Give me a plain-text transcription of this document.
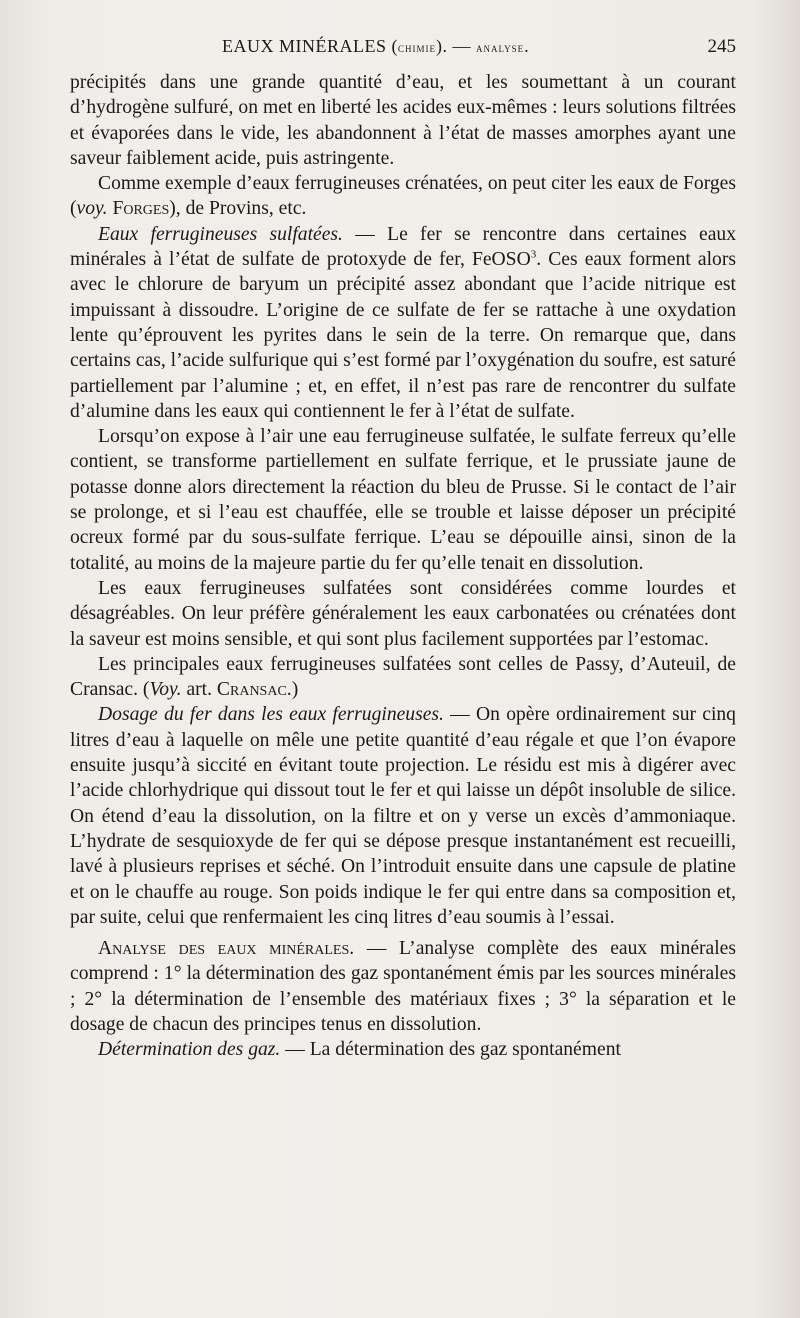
EAUX MINÉRALES (chimie). — analyse.	245

précipités dans une grande quantité d’eau, et les soumettant à un courant d’hydrogène sulfuré, on met en liberté les acides eux-mêmes : leurs solutions filtrées et évaporées dans le vide, les abandonnent à l’état de masses amorphes ayant une saveur faiblement acide, puis astringente.

Comme exemple d’eaux ferrugineuses crénatées, on peut citer les eaux de Forges (voy. Forges), de Provins, etc.

Eaux ferrugineuses sulfatées. — Le fer se rencontre dans certaines eaux minérales à l’état de sulfate de protoxyde de fer, FeOSO$^3$. Ces eaux forment alors avec le chlorure de baryum un précipité assez abondant que l’acide nitrique est impuissant à dissoudre. L’origine de ce sulfate de fer se rattache à une oxydation lente qu’éprouvent les pyrites dans le sein de la terre. On remarque que, dans certains cas, l’acide sulfurique qui s’est formé par l’oxygénation du soufre, est saturé partiellement par l’alumine ; et, en effet, il n’est pas rare de rencontrer du sulfate d’alumine dans les eaux qui contiennent le fer à l’état de sulfate.

Lorsqu’on expose à l’air une eau ferrugineuse sulfatée, le sulfate ferreux qu’elle contient, se transforme partiellement en sulfate ferrique, et le prussiate jaune de potasse donne alors directement la réaction du bleu de Prusse. Si le contact de l’air se prolonge, et si l’eau est chauffée, elle se trouble et laisse déposer un précipité ocreux formé par du sous-sulfate ferrique. L’eau se dépouille ainsi, sinon de la totalité, au moins de la majeure partie du fer qu’elle tenait en dissolution.

Les eaux ferrugineuses sulfatées sont considérées comme lourdes et désagréables. On leur préfère généralement les eaux carbonatées ou crénatées dont la saveur est moins sensible, et qui sont plus facilement supportées par l’estomac.

Les principales eaux ferrugineuses sulfatées sont celles de Passy, d’Auteuil, de Cransac. (Voy. art. Cransac.)

Dosage du fer dans les eaux ferrugineuses. — On opère ordinairement sur cinq litres d’eau à laquelle on mêle une petite quantité d’eau régale et que l’on évapore ensuite jusqu’à siccité en évitant toute projection. Le résidu est mis à digérer avec l’acide chlorhydrique qui dissout tout le fer et qui laisse un dépôt insoluble de silice. On étend d’eau la dissolution, on la filtre et on y verse un excès d’ammoniaque. L’hydrate de sesquioxyde de fer qui se dépose presque instantanément est recueilli, lavé à plusieurs reprises et séché. On l’introduit ensuite dans une capsule de platine et on le chauffe au rouge. Son poids indique le fer qui entre dans sa composition et, par suite, celui que renfermaient les cinq litres d’eau soumis à l’essai.

Analyse des eaux minérales. — L’analyse complète des eaux minérales comprend : 1° la détermination des gaz spontanément émis par les sources minérales ; 2° la détermination de l’ensemble des matériaux fixes ; 3° la séparation et le dosage de chacun des principes tenus en dissolution.

Détermination des gaz. — La détermination des gaz spontanément
